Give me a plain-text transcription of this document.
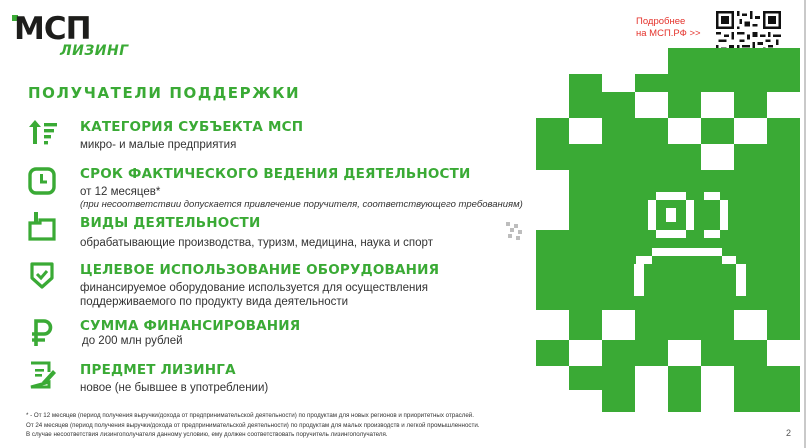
МСП
ЛИЗИНГ
ПОЛУЧАТЕЛИ ПОДДЕРЖКИ
КАТЕГОРИЯ СУБЪЕКТА МСП
микро- и малые предприятия
СРОК ФАКТИЧЕСКОГО ВЕДЕНИЯ ДЕЯТЕЛЬНОСТИ
от 12 месяцев*
(при несоответствии допускается привлечение поручителя, соответствующего требованиям)
ВИДЫ ДЕЯТЕЛЬНОСТИ
обрабатывающие производства, туризм, медицина, наука и спорт
ЦЕЛЕВОЕ ИСПОЛЬЗОВАНИЕ ОБОРУДОВАНИЯ
финансируемое оборудование используется для осуществления
поддерживаемого по продукту вида деятельности
СУММА ФИНАНСИРОВАНИЯ
до 200 млн рублей
ПРЕДМЕТ ЛИЗИНГА
новое (не бывшее в употреблении)
* - От 12 месяцев (период получения выручки/дохода от предпринимательской деятельности) по продуктам для новых регионов и приоритетных отраслей.
От 24 месяцев (период получения выручки/дохода от предпринимательской деятельности) по продуктам для малых производств и легкой промышленности.
В случае несоответствия лизингополучателя данному условию, ему должен соответствовать поручитель лизингополучателя.
Подробнее
на МСП.РФ >>
2
